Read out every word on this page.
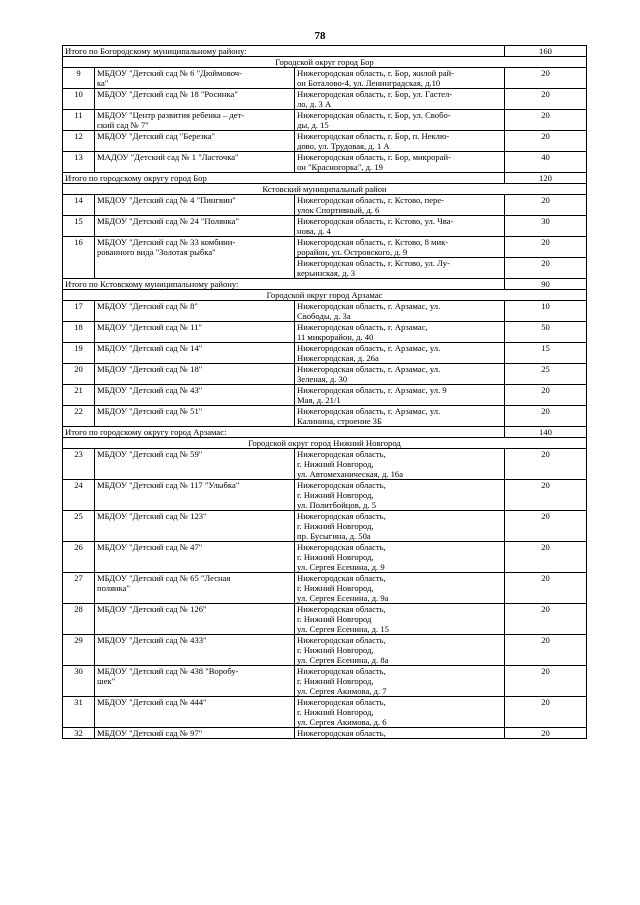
78
Итого по Богородскому муниципальному району:			160
Городской округ город Бор			
9	МБДОУ "Детский сад № 6 "Дюймовоч-
ка"	Нижегородская область, г. Бор, жилой рай-
он Боталово-4, ул. Ленинградская, д.10	20
10	МБДОУ "Детский сад № 18 "Росинка"	Нижегородская область, г. Бор, ул. Гастел-
ло, д. 3 А	20
11	МБДОУ "Центр развития ребенка – дет-
ский сад № 7"	Нижегородская область, г. Бор, ул. Свобо-
ды, д. 15	20
12	МБДОУ "Детский сад "Березка"	Нижегородская область, г. Бор, п. Неклю-
дово, ул. Трудовая, д. 1 А	20
13	МАДОУ "Детский сад № 1 "Ласточка"	Нижегородская область, г. Бор, микрорай-
он "Красногорка", д. 19	40
Итого по городскому округу город Бор			120
Кстовский муниципальный район			
14	МБДОУ "Детский сад № 4 "Пингвин"	Нижегородская область, г. Кстово, пере-
улок Спортивный, д. 6	20
15	МБДОУ "Детский сад № 24 "Полянка"	Нижегородская область, г. Кстово, ул. Чва-
нова, д. 4	30
16	МБДОУ "Детский сад № 33 комбини-
рованного вида "Золотая рыбка"	Нижегородская область, г. Кстово, 8 мик-
рорайон, ул. Островского, д. 9	20
		Нижегородская область, г. Кстово, ул. Лу-
керьинская, д. 3	20
Итого по Кстовскому муниципальному району:			90
Городской округ город Арзамас			
17	МБДОУ "Детский сад № 8"	Нижегородская область, г. Арзамас, ул.
Свободы, д. 3а	10
18	МБДОУ "Детский сад № 11"	Нижегородская область, г. Арзамас,
11 микрорайон, д. 40	50
19	МБДОУ "Детский сад № 14"	Нижегородская область, г. Арзамас, ул.
Нижегородская, д. 26а	15
20	МБДОУ "Детский сад № 18"	Нижегородская область, г. Арзамас, ул.
Зеленая, д. 30	25
21	МБДОУ "Детский сад № 43"	Нижегородская область, г. Арзамас, ул. 9
Мая, д. 21/1	20
22	МБДОУ "Детский сад № 51"	Нижегородская область, г. Арзамас, ул.
Калинина, строение 3Б	20
Итого по городскому округу город Арзамас:			140
Городской округ город Нижний Новгород			
23	МБДОУ "Детский сад № 59"	Нижегородская область,
г. Нижний Новгород,
ул. Автомеханическая, д. 16а	20
24	МБДОУ "Детский сад № 117 "Улыбка"	Нижегородская область,
г. Нижний Новгород,
ул. Политбойцов, д. 5	20
25	МБДОУ "Детский сад № 123"	Нижегородская область,
г. Нижний Новгород,
пр. Бусыгина, д. 50а	20
26	МБДОУ "Детский сад № 47"	Нижегородская область,
г. Нижний Новгород,
ул. Сергея Есенина, д. 9	20
27	МБДОУ "Детский сад № 65 "Лесная
полянка"	Нижегородская область,
г. Нижний Новгород,
ул. Сергея Есенина, д. 9а	20
28	МБДОУ "Детский сад № 126"	Нижегородская область,
г. Нижний Новгород
ул. Сергея Есенина, д. 15	20
29	МБДОУ "Детский сад № 433"	Нижегородская область,
г. Нижний Новгород,
ул. Сергея Есенина, д. 8а	20
30	МБДОУ "Детский сад № 438 "Воробу-
шек"	Нижегородская область,
г. Нижний Новгород,
ул. Сергея Акимова, д. 7	20
31	МБДОУ "Детский сад № 444"	Нижегородская область,
г. Нижний Новгород,
ул. Сергея Акимова, д. 6	20
32	МБДОУ "Детский сад № 97"	Нижегородская область,	20
